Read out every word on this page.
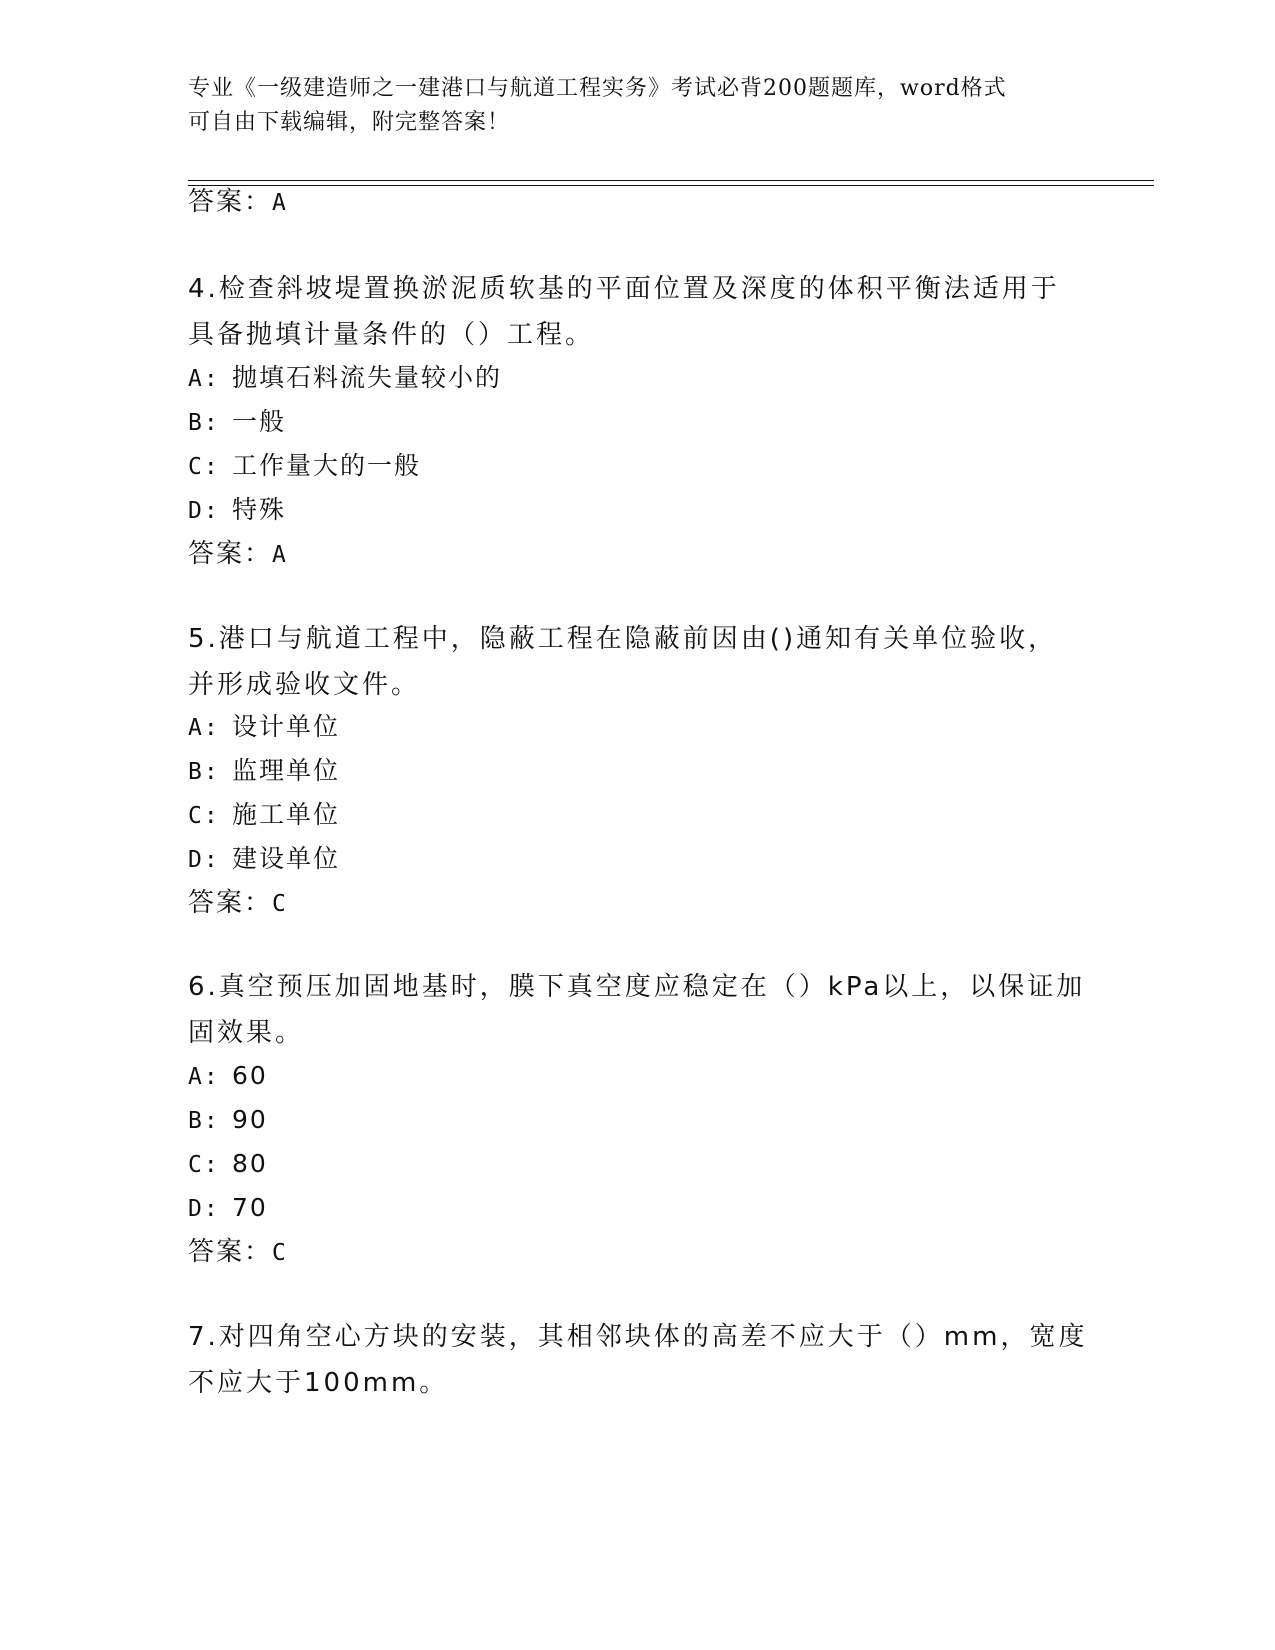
专业《一级建造师之一建港口与航道工程实务》考试必背200题题库，word格式
可自由下载编辑，附完整答案！
答案：A
4.检查斜坡堤置换淤泥质软基的平面位置及深度的体积平衡法适用于
具备抛填计量条件的（）工程。
A: 抛填石料流失量较小的
B: 一般
C: 工作量大的一般
D: 特殊
答案：A
5.港口与航道工程中，隐蔽工程在隐蔽前因由()通知有关单位验收，
并形成验收文件。
A: 设计单位
B: 监理单位
C: 施工单位
D: 建设单位
答案：C
6.真空预压加固地基时，膜下真空度应稳定在（）kPa以上，以保证加
固效果。
A: 60
B: 90
C: 80
D: 70
答案：C
7.对四角空心方块的安装，其相邻块体的高差不应大于（）mm，宽度
不应大于100mm。
